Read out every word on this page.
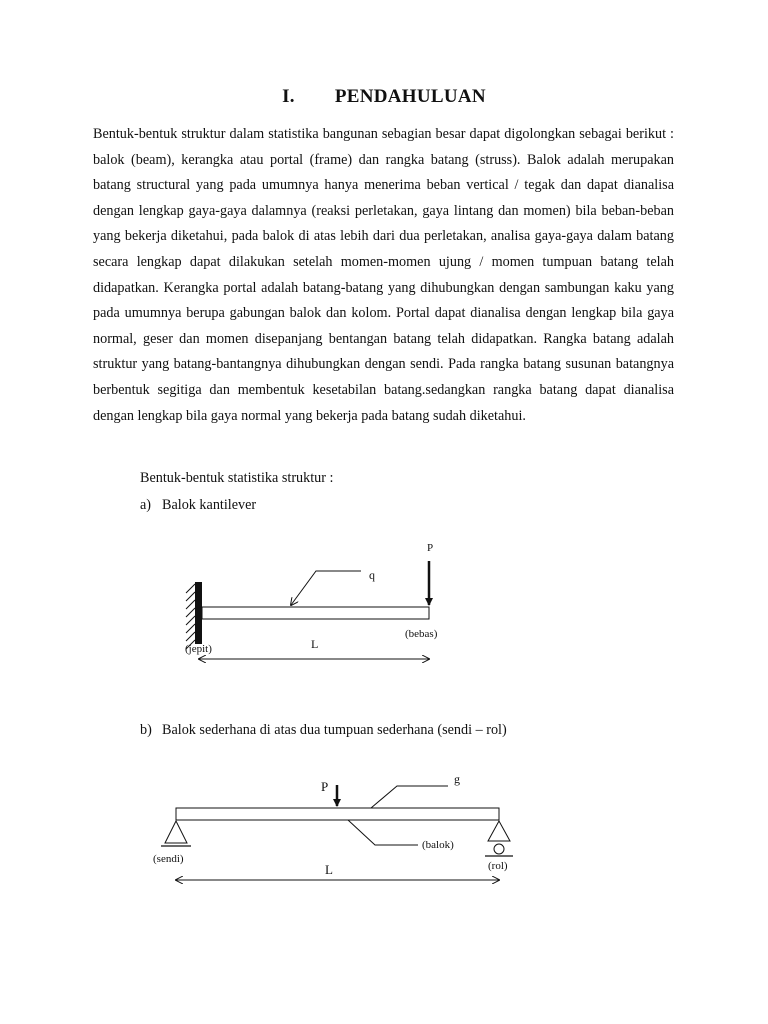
I. PENDAHULUAN

Bentuk-bentuk struktur dalam statistika bangunan sebagian besar dapat digolongkan sebagai berikut : balok (beam), kerangka atau portal (frame) dan rangka batang (struss). Balok adalah merupakan batang structural yang pada umumnya hanya menerima beban vertical / tegak dan dapat dianalisa dengan lengkap gaya-gaya dalamnya (reaksi perletakan, gaya lintang dan momen) bila beban-beban yang bekerja diketahui, pada balok di atas lebih dari dua perletakan, analisa gaya-gaya dalam batang secara lengkap dapat dilakukan setelah momen-momen ujung / momen tumpuan batang telah didapatkan. Kerangka portal adalah batang-batang yang dihubungkan dengan sambungan kaku yang pada umumnya berupa gabungan balok dan kolom. Portal dapat dianalisa dengan lengkap bila gaya normal, geser dan momen disepanjang bentangan batang telah didapatkan. Rangka batang adalah struktur yang batang-bantangnya dihubungkan dengan sendi. Pada rangka batang susunan batangnya berbentuk segitiga dan membentuk kesetabilan batang.sedangkan rangka batang dapat dianalisa dengan lengkap bila gaya normal yang bekerja pada batang sudah diketahui.

Bentuk-bentuk statistika struktur :
a) Balok kantilever
b) Balok sederhana di atas dua tumpuan sederhana (sendi – rol)
P
q
(bebas)
(jepit)	L
(sendi)
(rol)
P	g
(balok)
L
